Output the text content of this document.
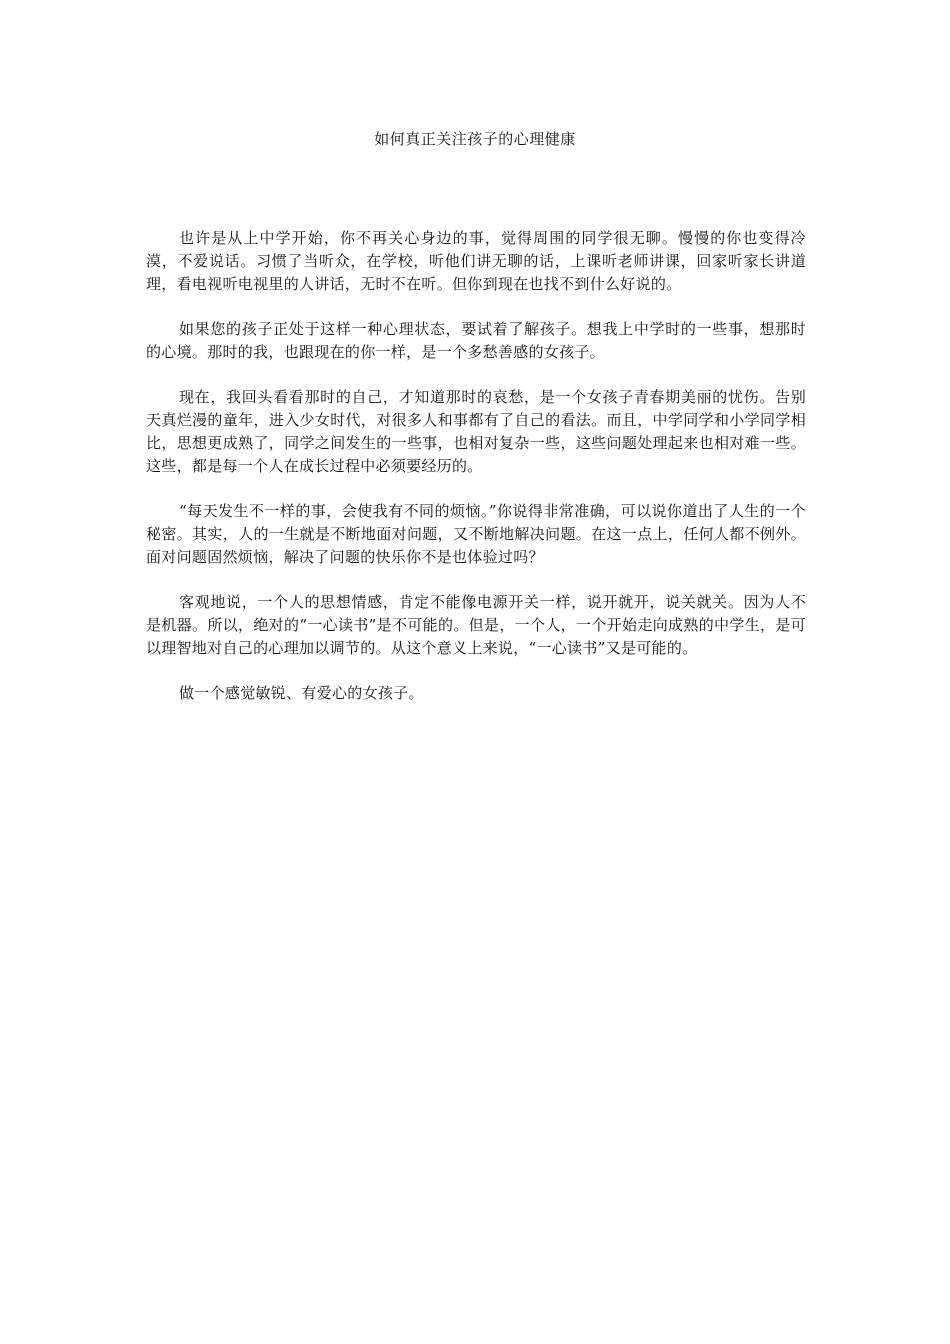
如何真正关注孩子的心理健康

也许是从上中学开始，你不再关心身边的事，觉得周围的同学很无聊。慢慢的你也变得冷漠，不爱说话。习惯了当听众，在学校，听他们讲无聊的话，上课听老师讲课，回家听家长讲道理，看电视听电视里的人讲话，无时不在听。但你到现在也找不到什么好说的。

如果您的孩子正处于这样一种心理状态，要试着了解孩子。想我上中学时的一些事，想那时的心境。那时的我，也跟现在的你一样，是一个多愁善感的女孩子。

现在，我回头看看那时的自己，才知道那时的哀愁，是一个女孩子青春期美丽的忧伤。告别天真烂漫的童年，进入少女时代，对很多人和事都有了自己的看法。而且，中学同学和小学同学相比，思想更成熟了，同学之间发生的一些事，也相对复杂一些，这些问题处理起来也相对难一些。这些，都是每一个人在成长过程中必须要经历的。

“每天发生不一样的事，会使我有不同的烦恼。”你说得非常准确，可以说你道出了人生的一个秘密。其实，人的一生就是不断地面对问题，又不断地解决问题。在这一点上，任何人都不例外。面对问题固然烦恼，解决了问题的快乐你不是也体验过吗？

客观地说，一个人的思想情感，肯定不能像电源开关一样，说开就开，说关就关。因为人不是机器。所以，绝对的“一心读书”是不可能的。但是，一个人，一个开始走向成熟的中学生，是可以理智地对自己的心理加以调节的。从这个意义上来说，“一心读书”又是可能的。

做一个感觉敏锐、有爱心的女孩子。
